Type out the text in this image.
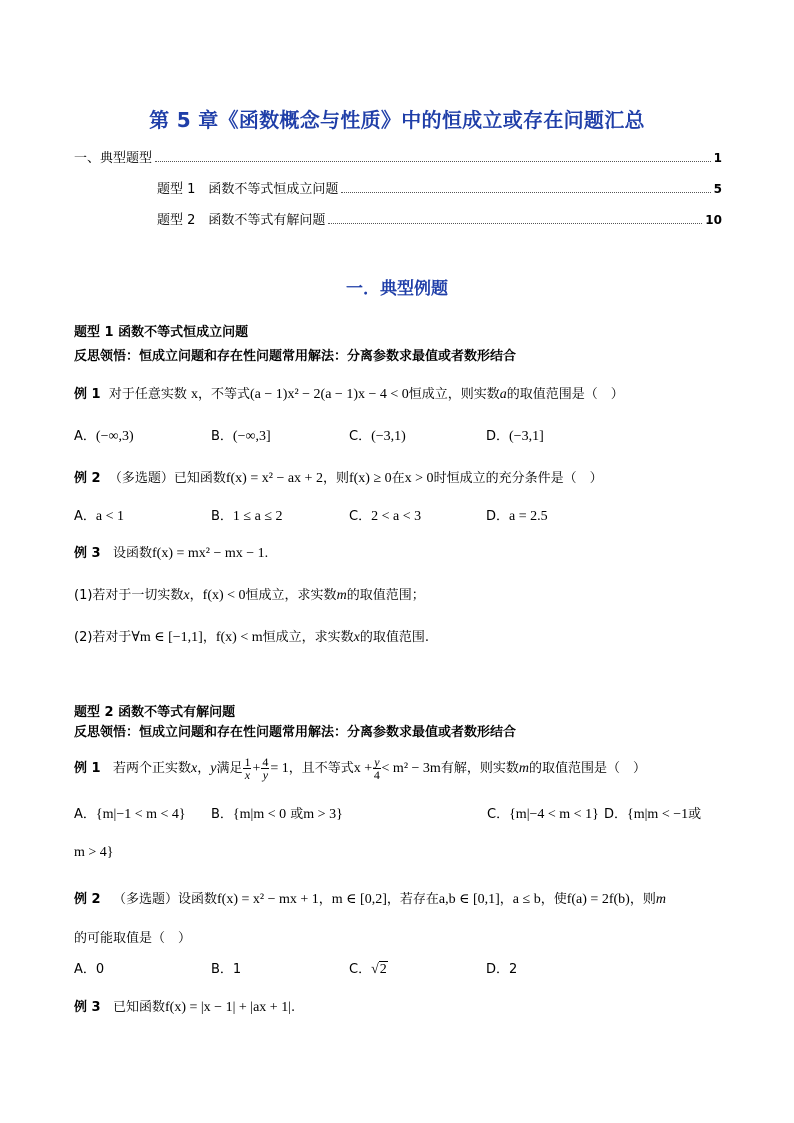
第 5 章《函数概念与性质》中的恒成立或存在问题汇总
一、典型题型	1
题型 1　函数不等式恒成立问题	5
题型 2　函数不等式有解问题	10
一．典型例题
题型 1 函数不等式恒成立问题
反思领悟：恒成立问题和存在性问题常用解法：分离参数求最值或者数形结合
例 1 对于任意实数 x，不等式(a − 1)x² − 2(a − 1)x − 4 < 0恒成立，则实数a的取值范围是（　）
A．(−∞,3)	B．(−∞,3]	C．(−3,1)	D．(−3,1]
例 2 （多选题）已知函数f(x) = x² − ax + 2，则f(x) ≥ 0在x > 0时恒成立的充分条件是（　）
A．a < 1	B．1 ≤ a ≤ 2	C．2 < a < 3	D．a = 2.5
例 3 设函数f(x) = mx² − mx − 1.
(1)若对于一切实数x，f(x) < 0恒成立，求实数m的取值范围；
(2)若对于∀m ∈ [−1,1]，f(x) < m恒成立，求实数x的取值范围.
题型 2 函数不等式有解问题
反思领悟：恒成立问题和存在性问题常用解法：分离参数求最值或者数形结合
例 1 若两个正实数x，y满足 $\frac{1}{x} + \frac{4}{y} = 1$，且不等式$x + \frac{y}{4} < m^2 - 3m$有解，则实数m的取值范围是（　）
A．{m|−1 < m < 4} B．{m|m < 0 或m > 3}	C．{m|−4 < m < 1} D．{m|m < −1或
m > 4}
例 2 （多选题）设函数f(x) = x² − mx + 1，m ∈ [0,2]，若存在a,b ∈ [0,1]，a ≤ b，使f(a) = 2f(b)，则m
的可能取值是（　）
A．0	B．1	C．√2	D．2
例 3 已知函数f(x) = |x − 1| + |ax + 1|.
